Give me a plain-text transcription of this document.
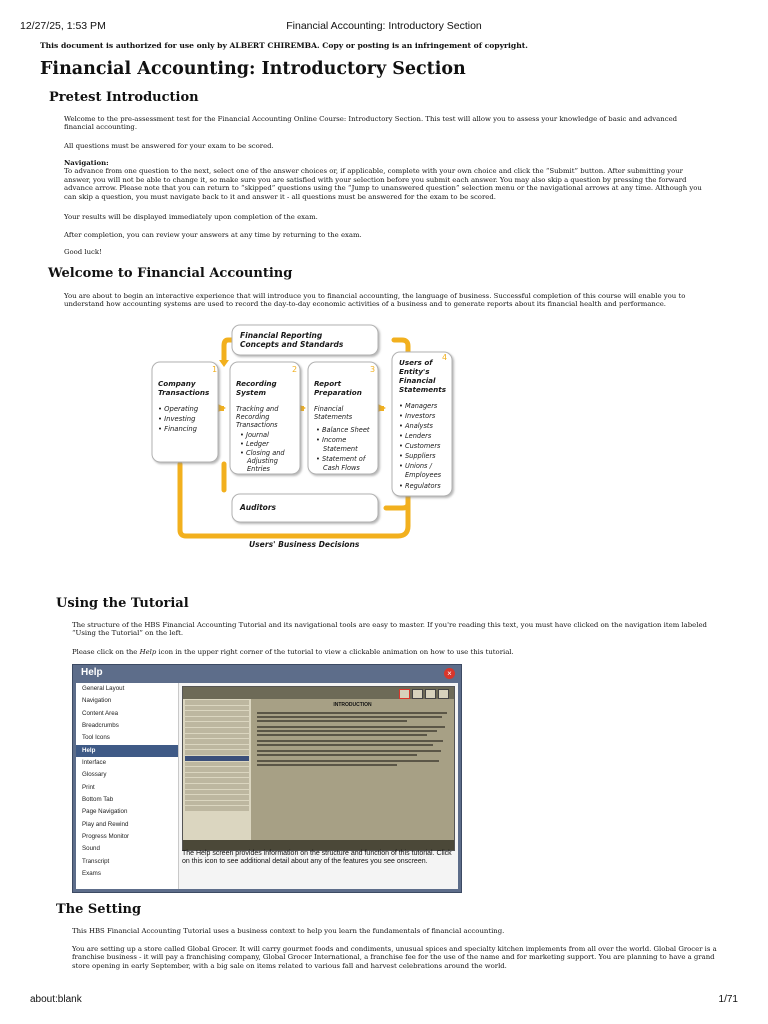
12/27/25, 1:53 PM	Financial Accounting: Introductory Section
This document is authorized for use only by ALBERT CHIREMBA. Copy or posting is an infringement of copyright.
Financial Accounting: Introductory Section
Pretest Introduction

Welcome to the pre-assessment test for the Financial Accounting Online Course: Introductory Section. This test will allow you to assess your knowledge of basic and advanced financial accounting.

All questions must be answered for your exam to be scored.

Navigation:
To advance from one question to the next, select one of the answer choices or, if applicable, complete with your own choice and click the “Submit” button. After submitting your answer, you will not be able to change it, so make sure you are satisfied with your selection before you submit each answer. You may also skip a question by pressing the forward advance arrow. Please note that you can return to “skipped” questions using the “Jump to unanswered question” selection menu or the navigational arrows at any time. Although you can skip a question, you must navigate back to it and answer it - all questions must be answered for the exam to be scored.

Your results will be displayed immediately upon completion of the exam.

After completion, you can review your answers at any time by returning to the exam.

Good luck!

Welcome to Financial Accounting

You are about to begin an interactive experience that will introduce you to financial accounting, the language of business. Successful completion of this course will enable you to understand how accounting systems are used to record the day-to-day economic activities of a business and to generate reports about its financial health and performance.

Financial Reporting
Concepts and Standards
1
Company
Transactions
• Operating
• Investing
• Financing
2
Recording
System
Tracking and
Recording
Transactions
• Journal
• Ledger
• Closing and
Adjusting
Entries
3
Report
Preparation
Financial
Statements
• Balance Sheet
• Income
Statement
• Statement of
Cash Flows
4
Users of
Entity's
Financial
Statements
• Managers
• Investors
• Analysts
• Lenders
• Customers
• Suppliers
• Unions /
Employees
• Regulators
Auditors
Users' Business Decisions
Using the Tutorial

The structure of the HBS Financial Accounting Tutorial and its navigational tools are easy to master. If you're reading this text, you must have clicked on the navigation item labeled “Using the Tutorial” on the left.

Please click on the Help icon in the upper right corner of the tutorial to view a clickable animation on how to use this tutorial.

Help	×
General Layout
Navigation
Content Area
Breadcrumbs
Tool Icons
Help
Interface
Glossary
Print
Bottom Tab
Page Navigation
Play and Rewind
Progress Monitor
Sound
Transcript
Exams
INTRODUCTION
The Help screen provides information on the structure and function of this tutorial. Click on this icon to see additional detail about any of the features you see onscreen.
The Setting

This HBS Financial Accounting Tutorial uses a business context to help you learn the fundamentals of financial accounting.

You are setting up a store called Global Grocer. It will carry gourmet foods and condiments, unusual spices and specialty kitchen implements from all over the world. Global Grocer is a franchise business - it will pay a franchising company, Global Grocer International, a franchise fee for the use of the name and for marketing support. You are planning to have a grand store opening in early September, with a big sale on items related to various fall and harvest celebrations around the world.

about:blank	1/71
